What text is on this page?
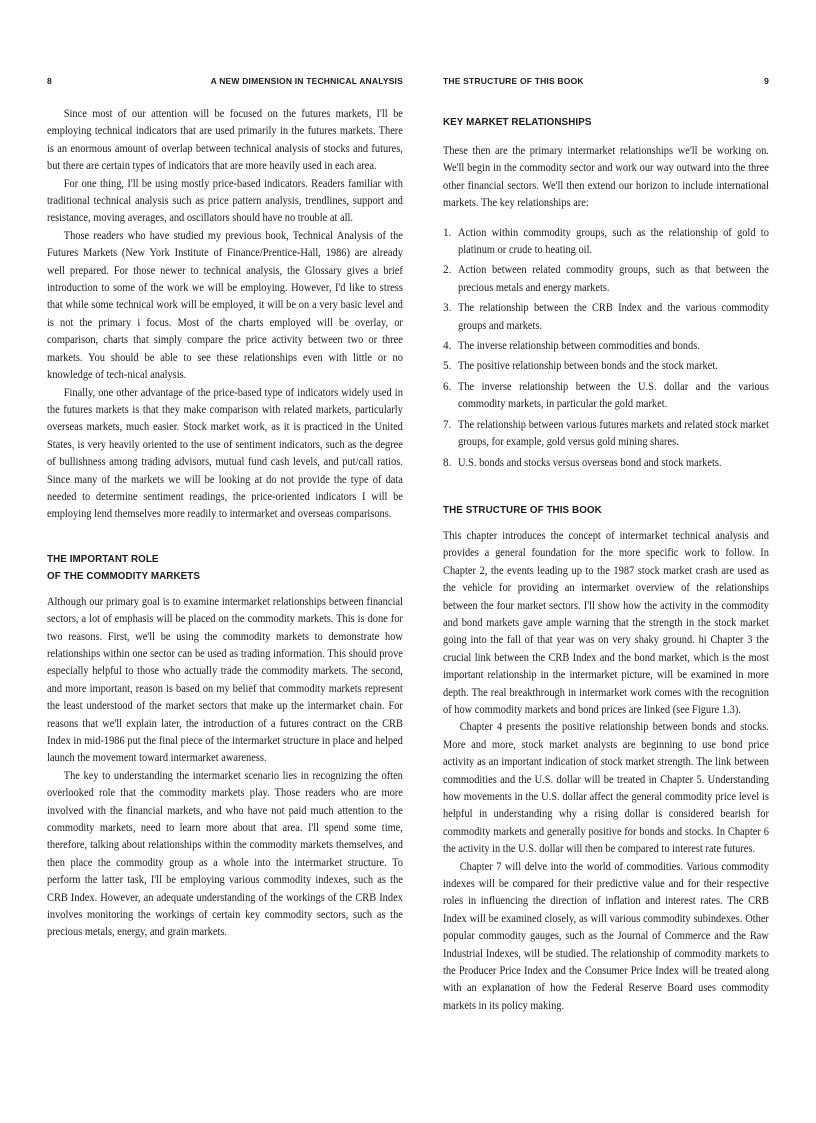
8	A NEW DIMENSION IN TECHNICAL ANALYSIS

Since most of our attention will be focused on the futures markets, I'll be employing technical indicators that are used primarily in the futures markets. There is an enormous amount of overlap between technical analysis of stocks and futures, but there are certain types of indicators that are more heavily used in each area.

For one thing, I'll be using mostly price-based indicators. Readers familiar with traditional technical analysis such as price pattern analysis, trendlines, support and resistance, moving averages, and oscillators should have no trouble at all.

Those readers who have studied my previous book, Technical Analysis of the Futures Markets (New York Institute of Finance/Prentice-Hall, 1986) are already well prepared. For those newer to technical analysis, the Glossary gives a brief introduction to some of the work we will be employing. However, I'd like to stress that while some technical work will be employed, it will be on a very basic level and is not the primary i focus. Most of the charts employed will be overlay, or comparison, charts that simply compare the price activity between two or three markets. You should be able to see these relationships even with little or no knowledge of tech-nical analysis.

Finally, one other advantage of the price-based type of indicators widely used in the futures markets is that they make comparison with related markets, particularly overseas markets, much easier. Stock market work, as it is practiced in the United States, is very heavily oriented to the use of sentiment indicators, such as the degree of bullishness among trading advisors, mutual fund cash levels, and put/call ratios. Since many of the markets we will be looking at do not provide the type of data needed to determine sentiment readings, the price-oriented indicators I will be employing lend themselves more readily to intermarket and overseas comparisons.

THE IMPORTANT ROLE
OF THE COMMODITY MARKETS

Although our primary goal is to examine intermarket relationships between financial sectors, a lot of emphasis will be placed on the commodity markets. This is done for two reasons. First, we'll be using the commodity markets to demonstrate how relationships within one sector can be used as trading information. This should prove especially helpful to those who actually trade the commodity markets. The second, and more important, reason is based on my belief that commodity markets represent the least understood of the market sectors that make up the intermarket chain. For reasons that we'll explain later, the introduction of a futures contract on the CRB Index in mid-1986 put the final piece of the intermarket structure in place and helped launch the movement toward intermarket awareness.

The key to understanding the intermarket scenario lies in recognizing the often overlooked role that the commodity markets play. Those readers who are more involved with the financial markets, and who have not paid much attention to the commodity markets, need to learn more about that area. I'll spend some time, therefore, talking about relationships within the commodity markets themselves, and then place the commodity group as a whole into the intermarket structure. To perform the latter task, I'll be employing various commodity indexes, such as the CRB Index. However, an adequate understanding of the workings of the CRB Index involves monitoring the workings of certain key commodity sectors, such as the precious metals, energy, and grain markets.

THE STRUCTURE OF THIS BOOK	9
KEY MARKET RELATIONSHIPS

These then are the primary intermarket relationships we'll be working on. We'll begin in the commodity sector and work our way outward into the three other financial sectors. We'll then extend our horizon to include international markets. The key relationships are:

1. Action within commodity groups, such as the relationship of gold to platinum or crude to heating oil.

2. Action between related commodity groups, such as that between the precious metals and energy markets.

3. The relationship between the CRB Index and the various commodity groups and markets.

4. The inverse relationship between commodities and bonds.

5. The positive relationship between bonds and the stock market.

6. The inverse relationship between the U.S. dollar and the various commodity markets, in particular the gold market.

7. The relationship between various futures markets and related stock market groups, for example, gold versus gold mining shares.

8. U.S. bonds and stocks versus overseas bond and stock markets.

THE STRUCTURE OF THIS BOOK

This chapter introduces the concept of intermarket technical analysis and provides a general foundation for the more specific work to follow. In Chapter 2, the events leading up to the 1987 stock market crash are used as the vehicle for providing an intermarket overview of the relationships between the four market sectors. I'll show how the activity in the commodity and bond markets gave ample warning that the strength in the stock market going into the fall of that year was on very shaky ground. hi Chapter 3 the crucial link between the CRB Index and the bond market, which is the most important relationship in the intermarket picture, will be examined in more depth. The real breakthrough in intermarket work comes with the recognition of how commodity markets and bond prices are linked (see Figure 1.3).

Chapter 4 presents the positive relationship between bonds and stocks. More and more, stock market analysts are beginning to use bond price activity as an important indication of stock market strength. The link between commodities and the U.S. dollar will be treated in Chapter 5. Understanding how movements in the U.S. dollar affect the general commodity price level is helpful in understanding why a rising dollar is considered bearish for commodity markets and generally positive for bonds and stocks. In Chapter 6 the activity in the U.S. dollar will then be compared to interest rate futures.

Chapter 7 will delve into the world of commodities. Various commodity indexes will be compared for their predictive value and for their respective roles in influencing the direction of inflation and interest rates. The CRB Index will be examined closely, as will various commodity subindexes. Other popular commodity gauges, such as the Journal of Commerce and the Raw Industrial Indexes, will be studied. The relationship of commodity markets to the Producer Price Index and the Consumer Price Index will be treated along with an explanation of how the Federal Reserve Board uses commodity markets in its policy making.
